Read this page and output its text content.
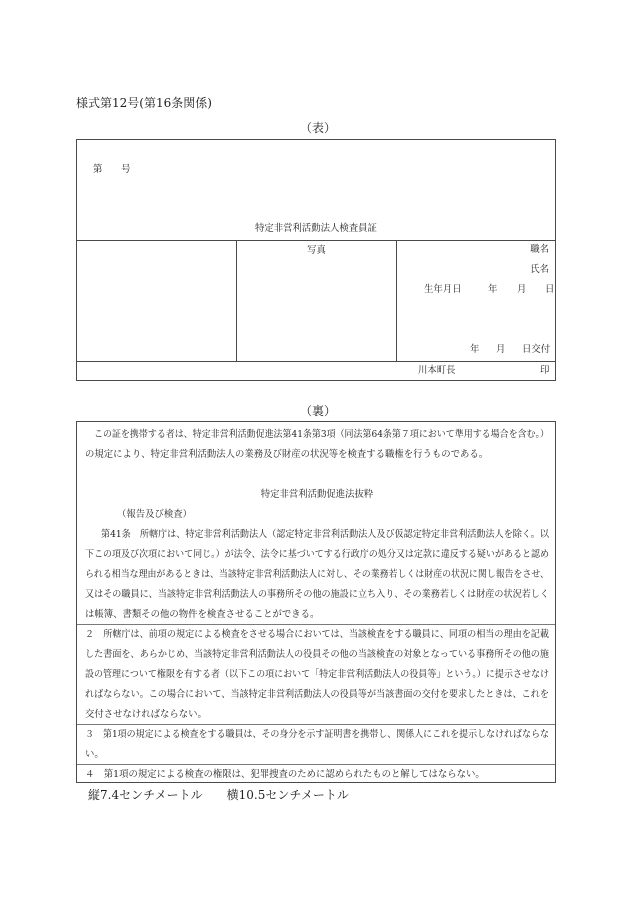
様式第12号(第16条関係)
（表）
第　　号
特定非営利活動法人検査員証
写真	職名
氏名
生年月日	年 月 日
年 月 日交付
川本町長	印
（裏）
この証を携帯する者は、特定非営利活動促進法第41条第3項（同法第64条第７項において準用する場合を含む。）
の規定により、特定非営利活動法人の業務及び財産の状況等を検査する職権を行うものである。
特定非営利活動促進法抜粋
（報告及び検査）
第41条　所轄庁は、特定非営利活動法人（認定特定非営利活動法人及び仮認定特定非営利活動法人を除く。以
下この項及び次項において同じ。）が法令、法令に基づいてする行政庁の処分又は定款に違反する疑いがあると認め
られる相当な理由があるときは、当該特定非営利活動法人に対し、その業務若しくは財産の状況に関し報告をさせ、
又はその職員に、当該特定非営利活動法人の事務所その他の施設に立ち入り、その業務若しくは財産の状況若しく
は帳簿、書類その他の物件を検査させることができる。
２　所轄庁は、前項の規定による検査をさせる場合においては、当該検査をする職員に、同項の相当の理由を記載
した書面を、あらかじめ、当該特定非営利活動法人の役員その他の当該検査の対象となっている事務所その他の施
設の管理について権限を有する者（以下この項において「特定非営利活動法人の役員等」という。）に提示させなけ
ればならない。この場合において、当該特定非営利活動法人の役員等が当該書面の交付を要求したときは、これを
交付させなければならない。
３　第1項の規定による検査をする職員は、その身分を示す証明書を携帯し、関係人にこれを提示しなければならな
い。
４　第1項の規定による検査の権限は、犯罪捜査のために認められたものと解してはならない。
縦7.4センチメートル　　横10.5センチメートル
